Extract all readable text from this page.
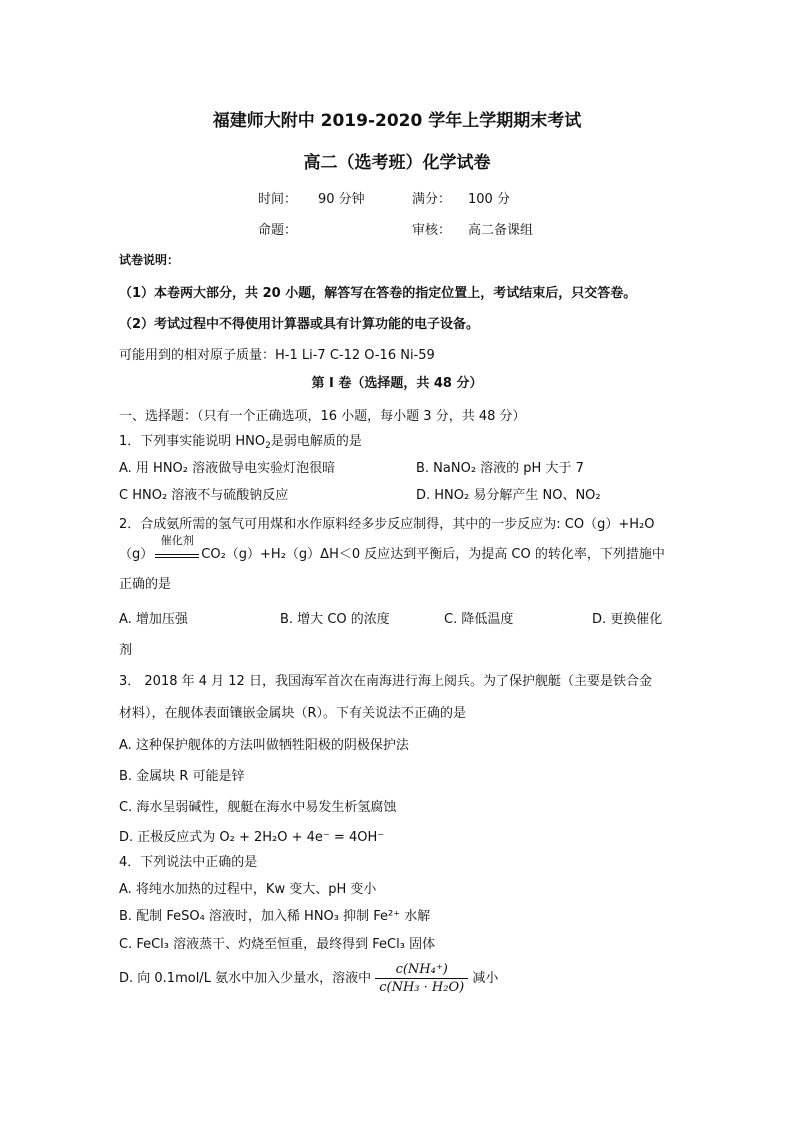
福建师大附中 2019-2020 学年上学期期末考试
高二（选考班）化学试卷
时间： 90 分钟	满分： 100 分
命题：	审核： 高二备课组
试卷说明：
（1）本卷两大部分，共 20 小题，解答写在答卷的指定位置上，考试结束后，只交答卷。
（2）考试过程中不得使用计算器或具有计算功能的电子设备。
可能用到的相对原子质量：H-1 Li-7 C-12 O-16 Ni-59
第 I 卷（选择题，共 48 分）
一、选择题：（只有一个正确选项，16 小题，每小题 3 分，共 48 分）
1．下列事实能说明 $HNO_2$是弱电解质的是
A. 用 HNO₂ 溶液做导电实验灯泡很暗	B. NaNO₂ 溶液的 pH 大于 7
C HNO₂ 溶液不与硫酸钠反应	D. HNO₂ 易分解产生 NO、NO₂
2．合成氨所需的氢气可用煤和水作原料经多步反应制得，其中的一步反应为: CO（g）+H₂O
（g）
催化剂
CO₂（g）+H₂（g）ΔH＜0 反应达到平衡后，为提高 CO 的转化率，下列措施中
正确的是
A. 增加压强	B. 增大 CO 的浓度	C. 降低温度	D. 更换催化
剂
3． 2018 年 4 月 12 日，我国海军首次在南海进行海上阅兵。为了保护舰艇（主要是铁合金
材料），在舰体表面镶嵌金属块（R）。下有关说法不正确的是
A. 这种保护舰体的方法叫做牺牲阳极的阴极保护法
B. 金属块 R 可能是锌
C. 海水呈弱碱性，舰艇在海水中易发生析氢腐蚀
D. 正极反应式为 O₂ + 2H₂O + 4e⁻ = 4OH⁻
4．下列说法中正确的是
A. 将纯水加热的过程中，Kw 变大、pH 变小
B. 配制 FeSO₄ 溶液时，加入稀 HNO₃ 抑制 Fe²⁺ 水解
C. FeCl₃ 溶液蒸干、灼烧至恒重，最终得到 FeCl₃ 固体
D. 向 0.1mol/L 氨水中加入少量水，溶液中 $\frac{\text{c(NH₄⁺)}}{\text{c(NH₃ · H₂O)}}$ 减小
